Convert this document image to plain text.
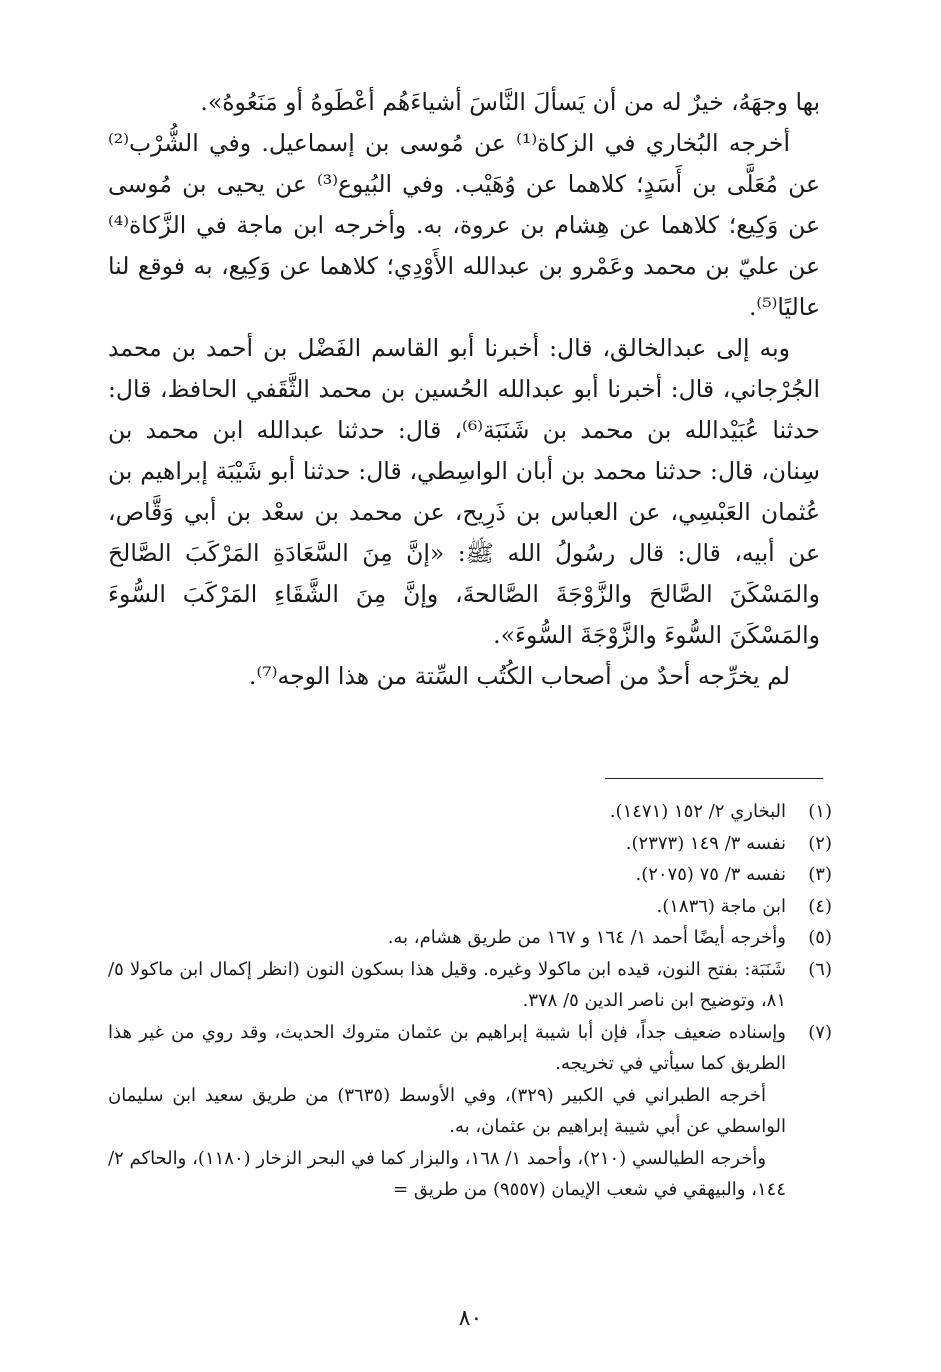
بها وجهَهُ، خيرٌ له من أن يَسألَ النَّاسَ أشياءَهُم أعْطَوهُ أو مَنَعُوهُ».

أخرجه البُخاري في الزكاة⁽¹⁾ عن مُوسى بن إسماعيل. وفي الشُّرْب⁽²⁾ عن مُعَلَّى بن أَسَدٍ؛ كلاهما عن وُهَيْب. وفي البُيوع⁽³⁾ عن يحيى بن مُوسى عن وَكِيع؛ كلاهما عن هِشام بن عروة، به. وأخرجه ابن ماجة في الزَّكاة⁽⁴⁾ عن عليّ بن محمد وعَمْرو بن عبدالله الأَوْدِي؛ كلاهما عن وَكِيع، به فوقع لنا عاليًا⁽⁵⁾.

وبه إلى عبدالخالق، قال: أخبرنا أبو القاسم الفَضْل بن أحمد بن محمد الجُرْجاني، قال: أخبرنا أبو عبدالله الحُسين بن محمد الثَّقَفي الحافظ، قال: حدثنا عُبَيْدالله بن محمد بن شَنَبَة⁽⁶⁾، قال: حدثنا عبدالله ابن محمد بن سِنان، قال: حدثنا محمد بن أبان الواسِطي، قال: حدثنا أبو شَيْبَة إبراهيم بن عُثمان العَبْسِي، عن العباس بن ذَرِيح، عن محمد بن سعْد بن أبي وَقَّاص، عن أبيه، قال: قال رسُولُ الله ﷺ: «إنَّ مِنَ السَّعَادَةِ المَرْكَبَ الصَّالحَ والمَسْكَنَ الصَّالحَ والزَّوْجَةَ الصَّالحةَ، وإنَّ مِنَ الشَّقَاءِ المَرْكَبَ السُّوءَ والمَسْكَنَ السُّوءَ والزَّوْجَةَ السُّوءَ».

لم يخرِّجه أحدٌ من أصحاب الكُتُب السِّتة من هذا الوجه⁽⁷⁾.

(١)

البخاري ٢/ ١٥٢ (١٤٧١).

(٢)

نفسه ٣/ ١٤٩ (٢٣٧٣).

(٣)

نفسه ٣/ ٧٥ (٢٠٧٥).

(٤)

ابن ماجة (١٨٣٦).

(٥)

وأخرجه أيضًا أحمد ١/ ١٦٤ و ١٦٧ من طريق هشام، به.

(٦)

شَنَبَة: بفتح النون، قيده ابن ماكولا وغيره. وقيل هذا بسكون النون (انظر إكمال ابن ماكولا ٥/ ٨١، وتوضيح ابن ناصر الدين ٥/ ٣٧٨.

(٧)

وإسناده ضعيف جداً، فإن أبا شيبة إبراهيم بن عثمان متروك الحديث، وقد روي من غير هذا الطريق كما سيأتي في تخريجه.

أخرجه الطبراني في الكبير (٣٢٩)، وفي الأوسط (٣٦٣٥) من طريق سعيد ابن سليمان الواسطي عن أبي شيبة إبراهيم بن عثمان، به.

وأخرجه الطيالسي (٢١٠)، وأحمد ١/ ١٦٨، والبزار كما في البحر الزخار (١١٨٠)، والحاكم ٢/ ١٤٤، والبيهقي في شعب الإيمان (٩٥٥٧) من طريق =

٨٠
